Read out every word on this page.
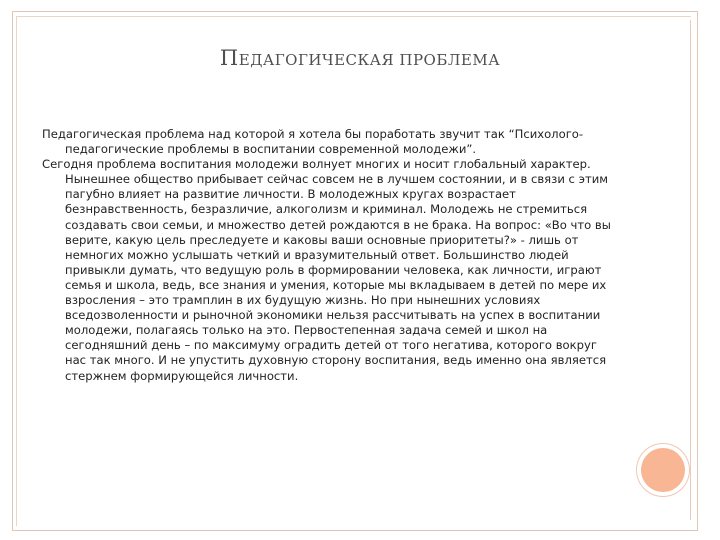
ПЕДАГОГИЧЕСКАЯ ПРОБЛЕМА

Педагогическая проблема над которой я хотела бы поработать звучит так “Психолого-педагогические проблемы в воспитании современной молодежи”.

Сегодня проблема воспитания молодежи волнует многих и носит глобальный характер. Нынешнее общество прибывает сейчас совсем не в лучшем состоянии, и в связи с этим пагубно влияет на развитие личности. В молодежных кругах возрастает безнравственность, безразличие, алкоголизм и криминал. Молодежь не стремиться создавать свои семьи, и множество детей рождаются в не брака. На вопрос: «Во что вы верите, какую цель преследуете и каковы ваши основные приоритеты?» - лишь от немногих можно услышать четкий и вразумительный ответ. Большинство людей привыкли думать, что ведущую роль в формировании человека, как личности, играют семья и школа, ведь, все знания и умения, которые мы вкладываем в детей по мере их взросления – это трамплин в их будущую жизнь. Но при нынешних условиях вседозволенности и рыночной экономики нельзя рассчитывать на успех в воспитании молодежи, полагаясь только на это. Первостепенная задача семей и школ на сегодняшний день – по максимуму оградить детей от того негатива, которого вокруг нас так много. И не упустить духовную сторону воспитания, ведь именно она является стержнем формирующейся личности.
